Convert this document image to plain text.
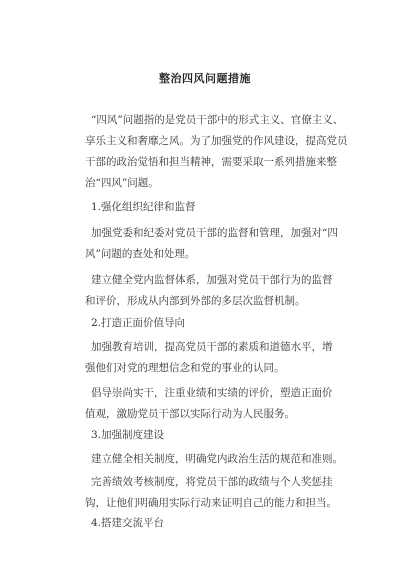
整治四风问题措施
“四风”问题指的是党员干部中的形式主义、官僚主义、
享乐主义和奢靡之风。为了加强党的作风建设，提高党员
干部的政治觉悟和担当精神，需要采取一系列措施来整
治“四风”问题。
1.强化组织纪律和监督
加强党委和纪委对党员干部的监督和管理，加强对“四
风”问题的查处和处理。
建立健全党内监督体系，加强对党员干部行为的监督
和评价，形成从内部到外部的多层次监督机制。
2.打造正面价值导向
加强教育培训，提高党员干部的素质和道德水平，增
强他们对党的理想信念和党的事业的认同。
倡导崇尚实干，注重业绩和实绩的评价，塑造正面价
值观，激励党员干部以实际行动为人民服务。
3.加强制度建设
建立健全相关制度，明确党内政治生活的规范和准则。
完善绩效考核制度，将党员干部的政绩与个人奖惩挂
钩，让他们明确用实际行动来证明自己的能力和担当。
4.搭建交流平台
